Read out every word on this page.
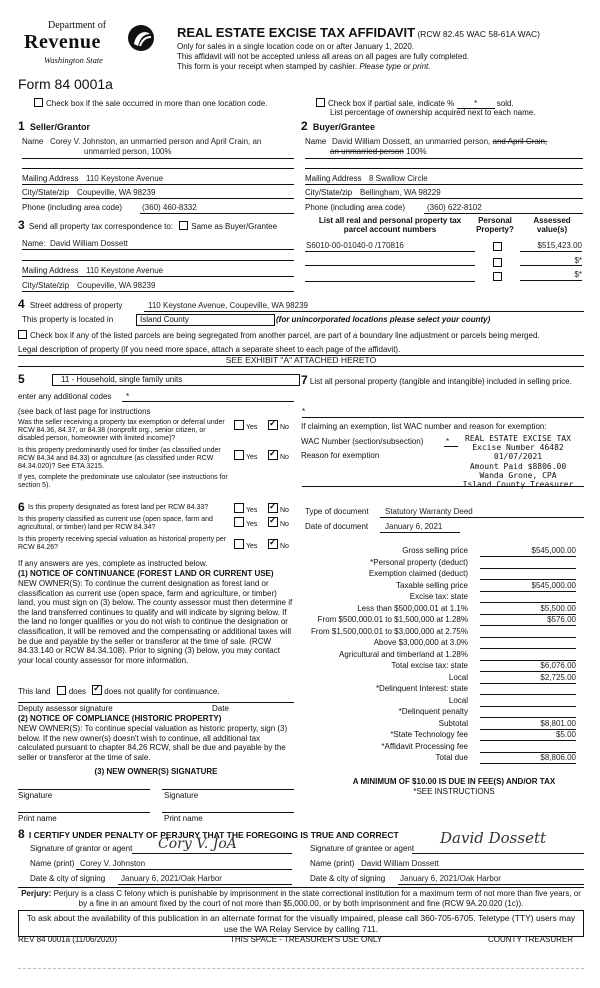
Department of
Revenue
Washington State
Form 84 0001a
REAL ESTATE EXCISE TAX AFFIDAVIT (RCW 82.45 WAC 58-61A WAC)
Only for sales in a single location code on or after January 1, 2020.
This affidavit will not be accepted unless all areas on all pages are fully completed.
This form is your receipt when stamped by cashier. Please type or print.
Check box if the sale occurred in more than one location code.	Check box if partial sale, indicate % * sold.
List percentage of ownership acquired next to each name.
1 Seller/Grantor
Name Corey V. Johnston, an unmarried person and April Crain, an
unmarried person, 100%
Mailing Address 110 Keystone Avenue
City/State/zip Coupeville, WA 98239
Phone (including area code) (360) 460-8332
2 Buyer/Grantee
Name David William Dossett, an unmarried person, and April Crain,
an unmarried person 100%
Mailing Address 8 Swallow Circle
City/State/zip Bellingham, WA 98229
Phone (including area code)	(360) 622-8102
3 Send all property tax correspondence to: Same as Buyer/Grantee
Name: David William Dossett
Mailing Address 110 Keystone Avenue
City/State/zip Coupeville, WA 98239
List all real and personal property tax parcel account numbers
Personal Property?
Assessed value(s)
S6010-00-01040-0 /170816	$515,423.00
$*
$*
4 Street address of property	110 Keystone Avenue, Coupeville, WA 98239
This property is located in	Island County	(for unincorporated locations please select your county)
Check box if any of the listed parcels are being segregated from another parcel, are part of a boundary line adjustment or parcels being merged.
Legal description of property (if you need more space, attach a separate sheet to each page of the affidavit).
SEE EXHIBIT "A" ATTACHED HERETO
5	11 - Household, single family units
enter any additional codes *
(see back of last page for instructions
Was the seller receiving a property tax exemption or deferral under RCW 84.36, 84.37, or 84.38 (nonprofit org., senior citizen, or disabled person, homeowner with limited income)?
Yes ✓	No
Is this property predominantly used for timber (as classified under RCW 84.34 and 84.33) or agriculture (as classified under RCW 84.34.020)? See ETA 3215.
Yes ✓	No
If yes, complete the predominate use calculator (see instructions for section 5).
6 Is this property designated as forest land per RCW 84.33?	Yes ✓	No
Is this property classified as current use (open space, farm and agricultural, or timber) land per RCW 84.34?	Yes ✓	No
Is this property receiving special valuation as historical property per RCW 84.26?	Yes ✓	No
If any answers are yes, complete as instructed below.
(1) NOTICE OF CONTINUANCE (FOREST LAND OR CURRENT USE)
NEW OWNER(S): To continue the current designation as forest land or classification as current use (open space, farm and agriculture, or timber) land, you must sign on (3) below. The county assessor must then determine if the land transferred continues to qualify and will indicate by signing below. If the land no longer qualifies or you do not wish to continue the designation or classification, it will be removed and the compensating or additional taxes will be due and payable by the seller or transferor at the time of sale. (RCW 84.33.140 or RCW 84.34.108). Prior to signing (3) below, you may contact your local county assessor for more information.
This land does ✓ does not qualify for continuance.
Deputy assessor signature	Date
(2) NOTICE OF COMPLIANCE (HISTORIC PROPERTY)
NEW OWNER(S): To continue special valuation as historic property, sign (3) below. If the new owner(s) doesn't wish to continue, all additional tax calculated pursuant to chapter 84.26 RCW, shall be due and payable by the seller or transferor at the time of sale.
(3) NEW OWNER(S) SIGNATURE
Signature	Signature
Print name	Print name
7 List all personal property (tangible and intangible) included in selling price.
*
If claiming an exemption, list WAC number and reason for exemption:
WAC Number (section/subsection)	*
Reason for exemption
REAL ESTATE EXCISE TAX
Excise Number 46482
01/07/2021
Amount Paid $8806.00
Wanda Grone, CPA
Island County Treasurer
Type of document Statutory Warranty Deed
Date of document January 6, 2021
Gross selling price	$545,000.00
*Personal property (deduct)
Exemption claimed (deduct)
Taxable selling price	$545,000.00
Excise tax: state
Less than $500,000.01 at 1.1%	$5,500.00
From $500,000.01 to $1,500,000 at 1.28%	$576.00
From $1,500,000.01 to $3,000,000 at 2.75%
Above $3,000,000 at 3.0%
Agricultural and timberland at 1.28%
Total excise tax: state	$6,076.00
Local	$2,725.00
*Delinquent Interest: state
Local
*Delinquent penalty
Subtotal	$8,801.00
*State Technology fee	$5.00
*Affidavit Processing fee
Total due	$8,806.00
A MINIMUM OF $10.00 IS DUE IN FEE(S) AND/OR TAX
*SEE INSTRUCTIONS
8 I CERTIFY UNDER PENALTY OF PERJURY THAT THE FOREGOING IS TRUE AND CORRECT
Signature of grantor or agent Cory V. JoA
Name (print) Corey V. Johnston
Date & city of signing January 6, 2021/Oak Harbor
Signature of grantee or agent
David Dossett
Name (print) David William Dossett
Date & city of signing January 6, 2021/Oak Harbor
Perjury: Perjury is a class C felony which is punishable by imprisonment in the state correctional institution for a maximum term of not more than five years, or by a fine in an amount fixed by the court of not more than $5,000.00, or by both imprisonment and fine (RCW 9A.20.020 (1c)).
To ask about the availability of this publication in an alternate format for the visually impaired, please call 360-705-6705. Teletype (TTY) users may use the WA Relay Service by calling 711.
REV 84 0001a (11/06/2020)	THIS SPACE - TREASURER'S USE ONLY	COUNTY TREASURER
